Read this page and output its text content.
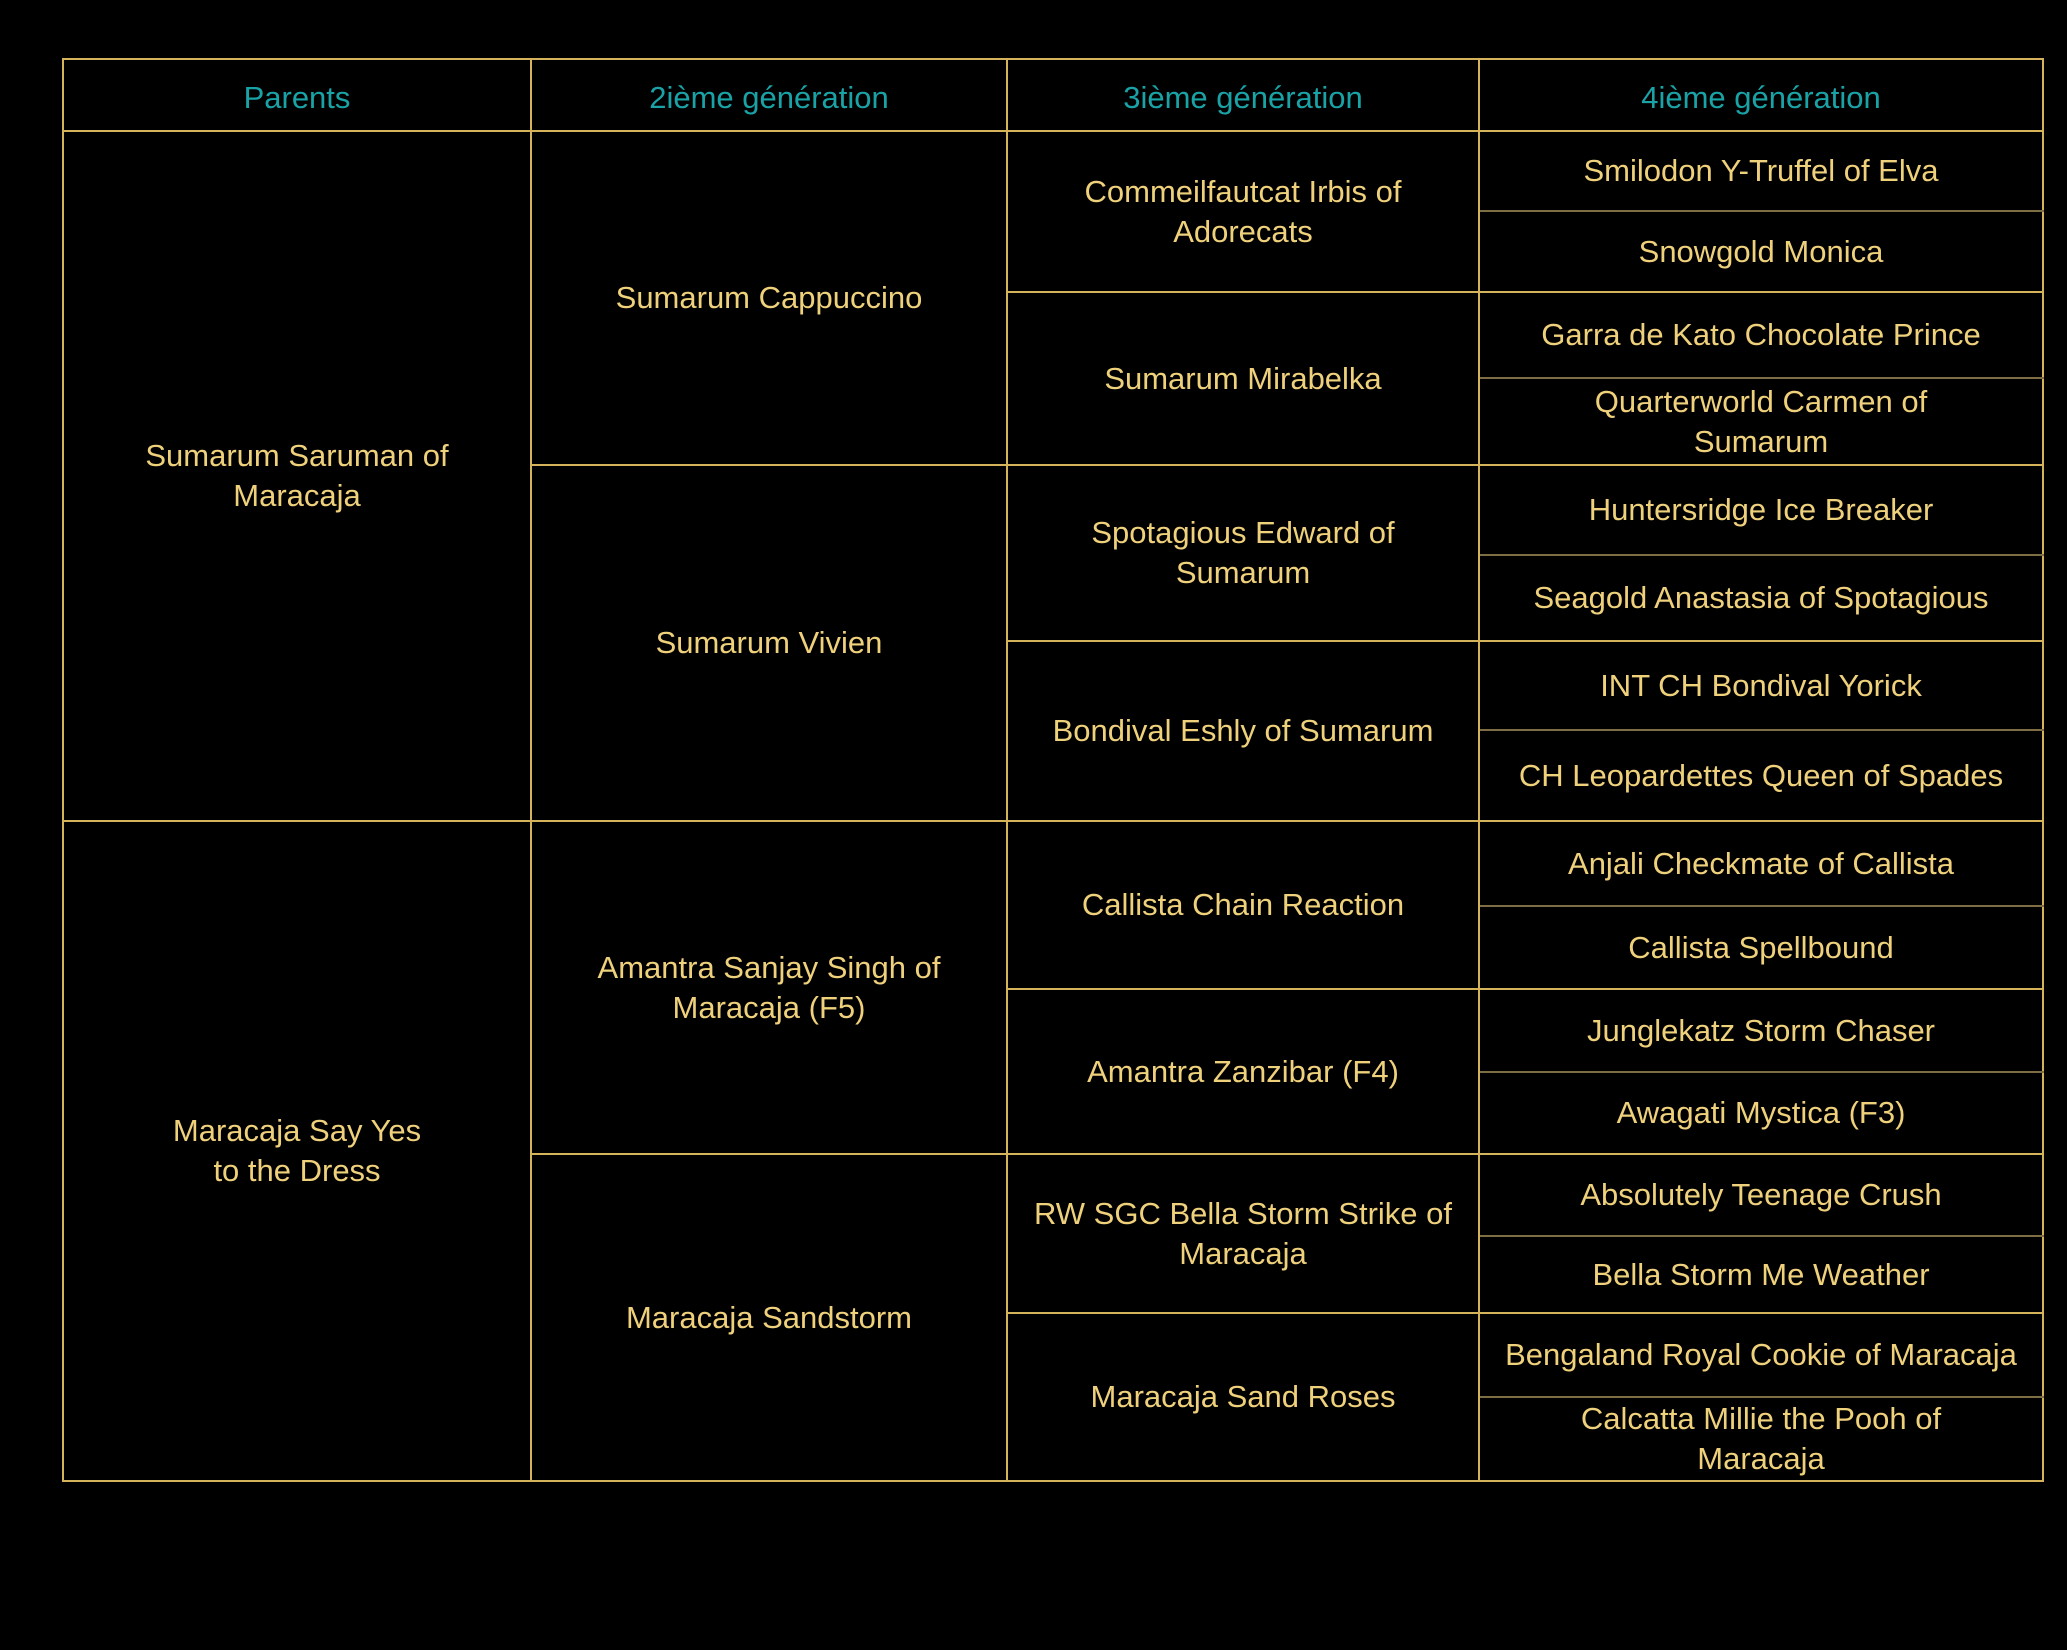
Parents	2ième génération	3ième génération	4ième génération
Sumarum Saruman of Maracaja	Sumarum Cappuccino	Commeilfautcat Irbis of Adorecats	Smilodon Y-Truffel of Elva
			Snowgold Monica
		Sumarum Mirabelka	Garra de Kato Chocolate Prince
			Quarterworld Carmen of Sumarum
	Sumarum Vivien	Spotagious Edward of Sumarum	Huntersridge Ice Breaker
			Seagold Anastasia of Spotagious
		Bondival Eshly of Sumarum	INT CH Bondival Yorick
			CH Leopardettes Queen of Spades
Maracaja Say Yes to the Dress	Amantra Sanjay Singh of Maracaja (F5)	Callista Chain Reaction	Anjali Checkmate of Callista
			Callista Spellbound
		Amantra Zanzibar (F4)	Junglekatz Storm Chaser
			Awagati Mystica (F3)
	Maracaja Sandstorm	RW SGC Bella Storm Strike of Maracaja	Absolutely Teenage Crush
			Bella Storm Me Weather
		Maracaja Sand Roses	Bengaland Royal Cookie of Maracaja
			Calcatta Millie the Pooh of Maracaja
